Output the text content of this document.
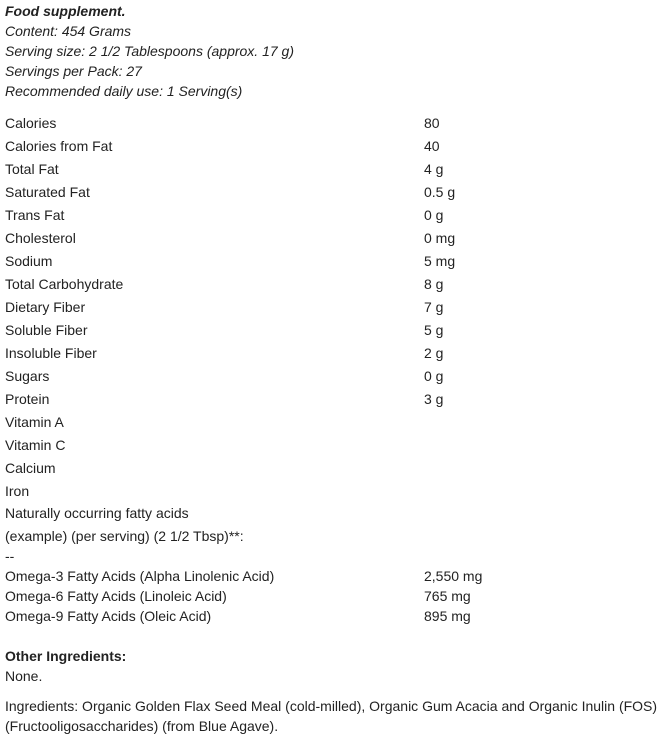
Food supplement.
Content: 454 Grams
Serving size: 2 1/2 Tablespoons (approx. 17 g)
Servings per Pack: 27
Recommended daily use: 1 Serving(s)
Calories	80
Calories from Fat	40
Total Fat	4 g
Saturated Fat	0.5 g
Trans Fat	0 g
Cholesterol	0 mg
Sodium	5 mg
Total Carbohydrate	8 g
Dietary Fiber	7 g
Soluble Fiber	5 g
Insoluble Fiber	2 g
Sugars	0 g
Protein	3 g
Vitamin A	
Vitamin C	
Calcium	
Iron	
Naturally occurring fatty acids
(example) (per serving) (2 1/2 Tbsp)**:
--
Omega-3 Fatty Acids (Alpha Linolenic Acid)	2,550 mg
Omega-6 Fatty Acids (Linoleic Acid)	765 mg
Omega-9 Fatty Acids (Oleic Acid)	895 mg
Other Ingredients:
None.
Ingredients: Organic Golden Flax Seed Meal (cold-milled), Organic Gum Acacia and Organic Inulin (FOS) (Fructooligosaccharides) (from Blue Agave).
